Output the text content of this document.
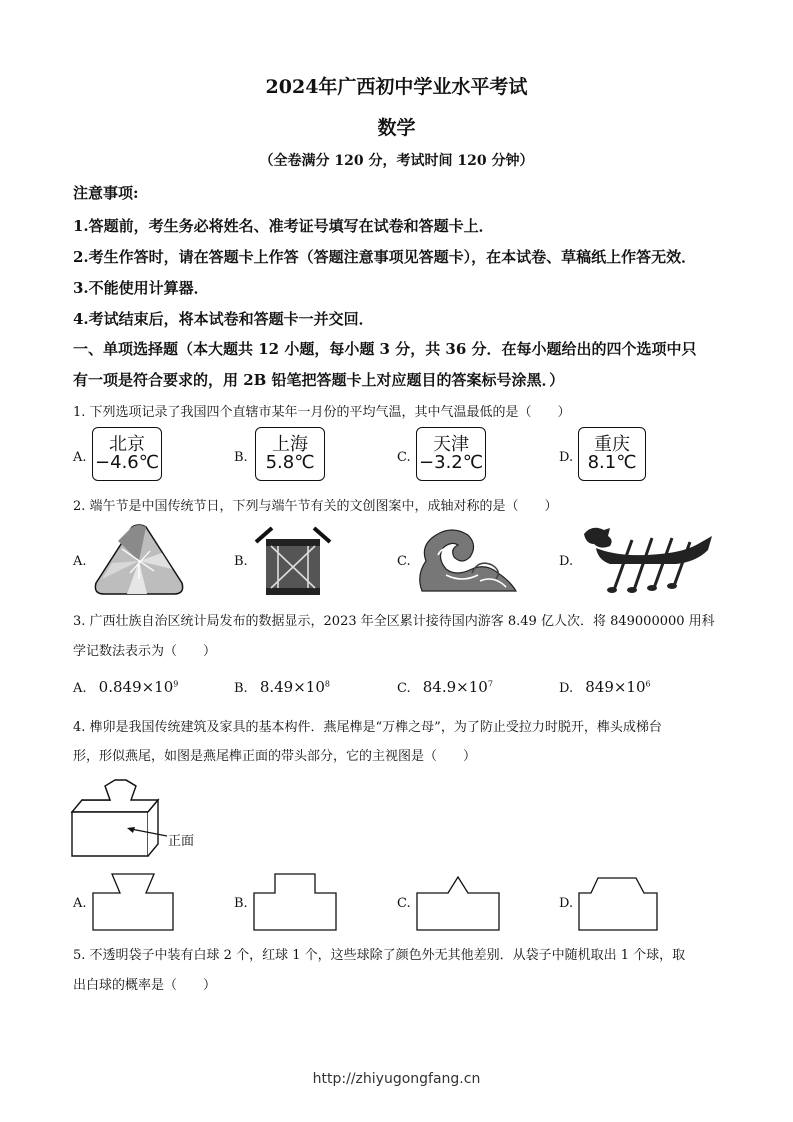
2024年广西初中学业水平考试
数学
（全卷满分 120 分，考试时间 120 分钟）
注意事项:
1.答题前，考生务必将姓名、准考证号填写在试卷和答题卡上．
2.考生作答时，请在答题卡上作答（答题注意事项见答题卡），在本试卷、草稿纸上作答无效．
3.不能使用计算器．
4.考试结束后，将本试卷和答题卡一并交回．
一、单项选择题（本大题共 12 小题，每小题 3 分，共 36 分．在每小题给出的四个选项中只
有一项是符合要求的，用 2B 铅笔把答题卡上对应题目的答案标号涂黑．）
1. 下列选项记录了我国四个直辖市某年一月份的平均气温，其中气温最低的是（　　）
A.
北京
−4.6℃	B.
上海
5.8℃	C.
天津
−3.2℃	D.
重庆
8.1℃
2. 端午节是中国传统节日，下列与端午节有关的文创图案中，成轴对称的是（　　）
A.	B.	C.	D.
3. 广西壮族自治区统计局发布的数据显示，2023 年全区累计接待国内游客 8.49 亿人次．将 849000000 用科
学记数法表示为（　　）
A. $0.849\times 10^9$	B. $8.49\times 10^8$	C. $84.9\times 10^7$	D. $849\times 10^6$
4. 榫卯是我国传统建筑及家具的基本构件．燕尾榫是“万榫之母”，为了防止受拉力时脱开，榫头成梯台
形，形似燕尾，如图是燕尾榫正面的带头部分，它的主视图是（　　）
正面
A.	B.	C.	D.
5. 不透明袋子中装有白球 2 个，红球 1 个，这些球除了颜色外无其他差别．从袋子中随机取出 1 个球，取
出白球的概率是（　　）
http://zhiyugongfang.cn
